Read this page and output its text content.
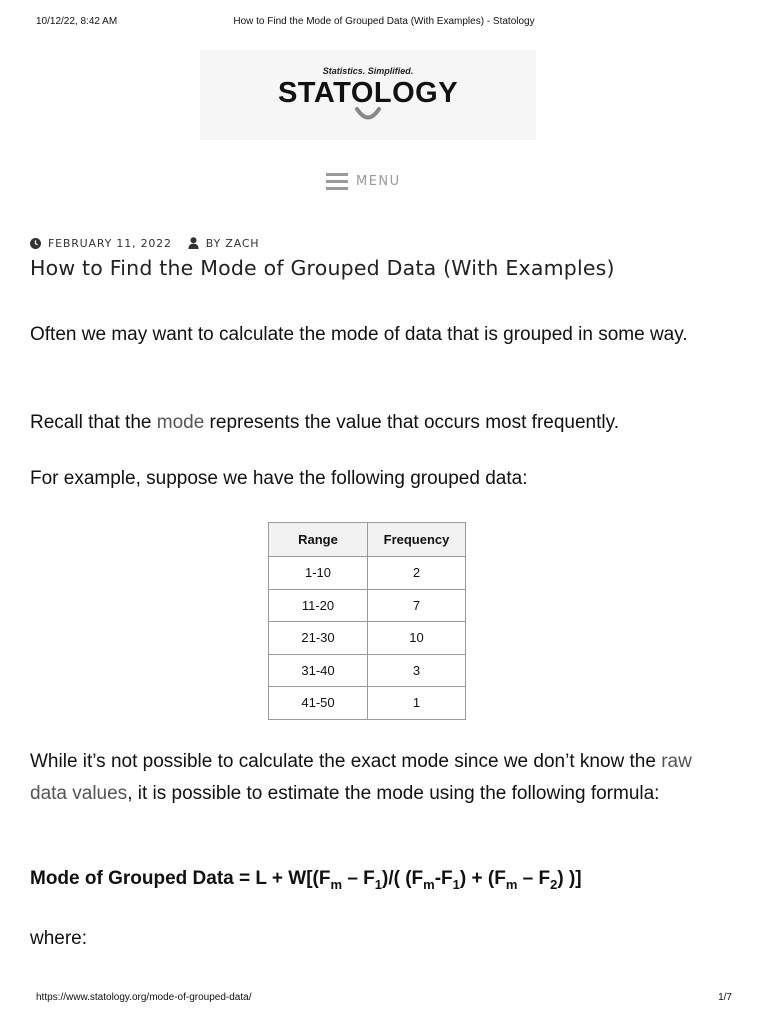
10/12/22, 8:42 AM	How to Find the Mode of Grouped Data (With Examples) - Statology
Statistics. Simplified.
STATOLOGY
MENU
FEBRUARY 11, 2022	BY ZACH
How to Find the Mode of Grouped Data (With Examples)

Often we may want to calculate the mode of data that is grouped in some way.

Recall that the mode represents the value that occurs most frequently.

For example, suppose we have the following grouped data:

Range	Frequency
1-10	2
11-20	7
21-30	10
31-40	3
41-50	1

While it’s not possible to calculate the exact mode since we don’t know the raw data values, it is possible to estimate the mode using the following formula:

Mode of Grouped Data = $L + W[(F_m - F_1)/$( $(F_m-F_1) + (F_m - F_2)$ )]

where:

https://www.statology.org/mode-of-grouped-data/	1/7
